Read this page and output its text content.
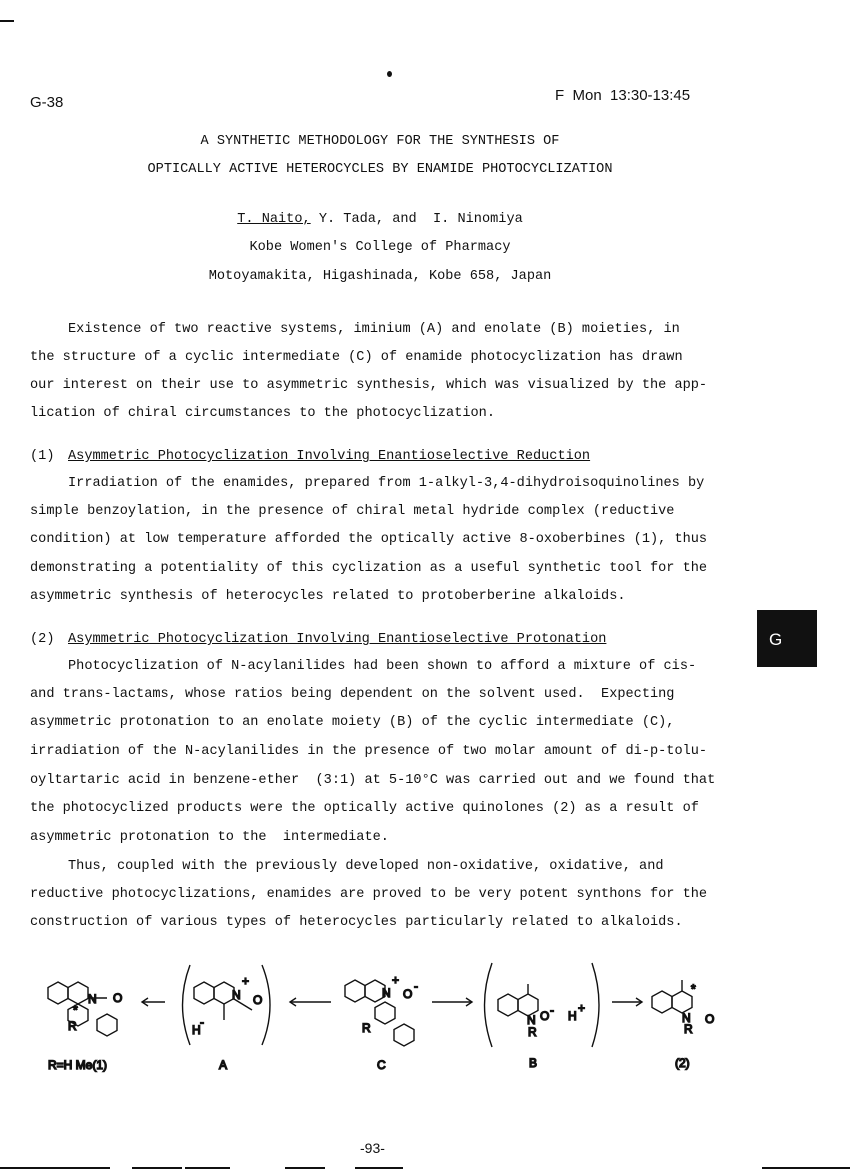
G-38	F  Mon  13:30-13:45
A SYNTHETIC METHODOLOGY FOR THE SYNTHESIS OF
OPTICALLY ACTIVE HETEROCYCLES BY ENAMIDE PHOTOCYCLIZATION
T. Naito, Y. Tada, and  I. Ninomiya
Kobe Women's College of Pharmacy
Motoyamakita, Higashinada, Kobe 658, Japan
Existence of two reactive systems, iminium (A) and enolate (B) moieties, in
the structure of a cyclic intermediate (C) of enamide photocyclization has drawn
our interest on their use to asymmetric synthesis, which was visualized by the app-
lication of chiral circumstances to the photocyclization.
(1) Asymmetric Photocyclization Involving Enantioselective Reduction
Irradiation of the enamides, prepared from 1-alkyl-3,4-dihydroisoquinolines by
simple benzoylation, in the presence of chiral metal hydride complex (reductive
condition) at low temperature afforded the optically active 8-oxoberbines (1), thus
demonstrating a potentiality of this cyclization as a useful synthetic tool for the
asymmetric synthesis of heterocycles related to protoberberine alkaloids.
(2) Asymmetric Photocyclization Involving Enantioselective Protonation
Photocyclization of N-acylanilides had been shown to afford a mixture of cis-
and trans-lactams, whose ratios being dependent on the solvent used.  Expecting
asymmetric protonation to an enolate moiety (B) of the cyclic intermediate (C),
irradiation of the N-acylanilides in the presence of two molar amount of di-p-tolu-
oyltartaric acid in benzene-ether  (3:1) at 5-10°C was carried out and we found that
the photocyclized products were the optically active quinolones (2) as a result of
asymmetric protonation to the  intermediate.
Thus, coupled with the previously developed non-oxidative, oxidative, and
reductive photocyclizations, enamides are proved to be very potent synthons for the
construction of various types of heterocycles particularly related to alkaloids.
G
N O
R
*
N
+
O
H
-
N
+
O
-
R
N
R
O - H
+
*
N
R
O
R=H Me(1)	A	C	B	(2)
-93-
